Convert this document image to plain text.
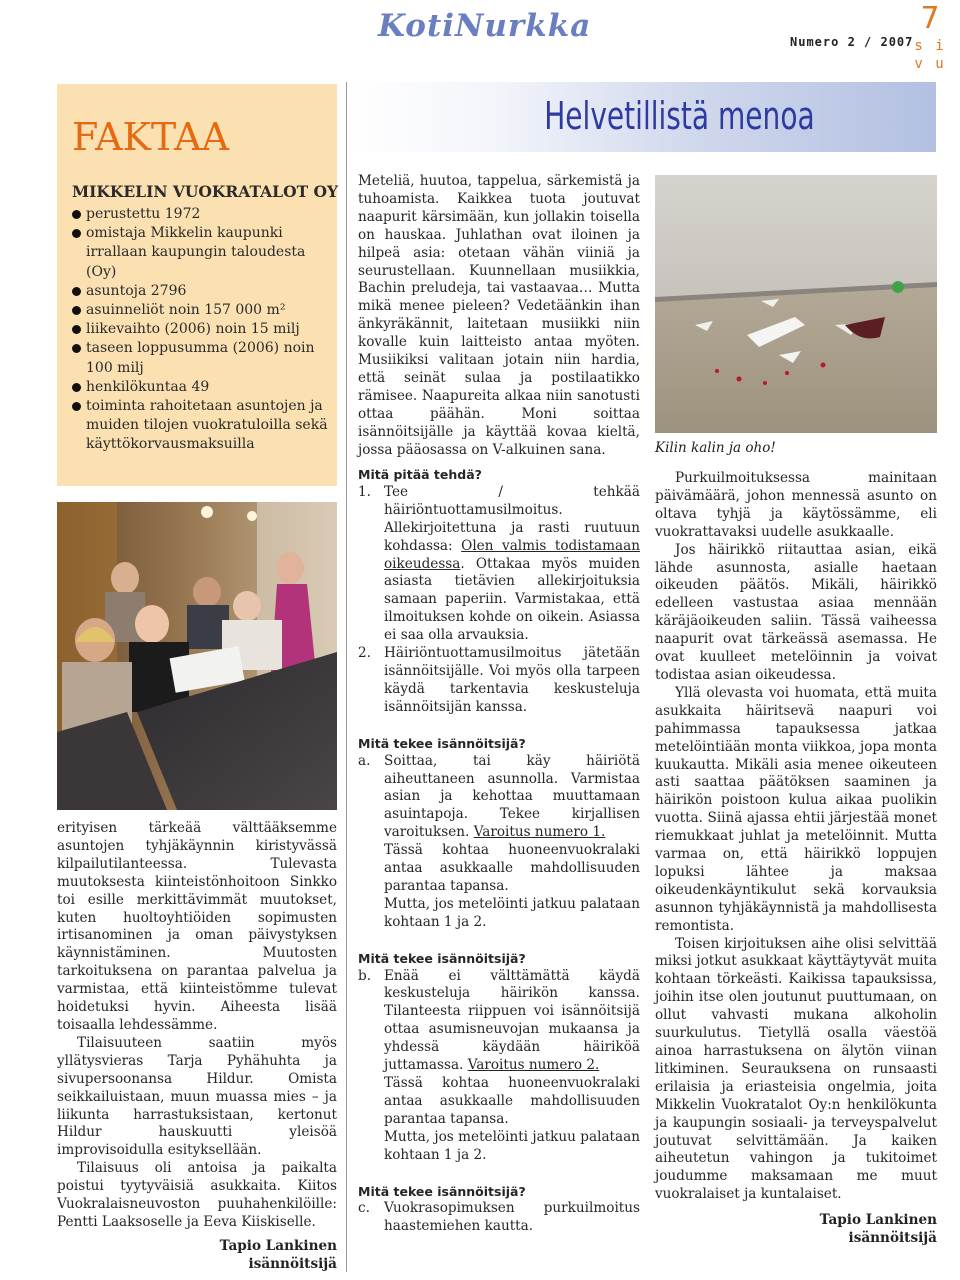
KotiNurkka	Numero 2 / 2007
7
s i v u
Helvetillistä menoa
FAKTAA
MIKKELIN VUOKRATALOT OY
perustettu 1972
omistaja Mikkelin kaupunki irrallaan kaupungin taloudesta (Oy)
asuntoja 2796
asuinneliöt noin 157 000 m²
liikevaihto (2006) noin 15 milj
taseen loppusumma (2006) noin 100 milj
henkilökuntaa 49
toiminta rahoitetaan asuntojen ja muiden tilojen vuokratuloilla sekä käyttökorvausmaksuilla

erityisen tärkeää välttääksemme asuntojen tyhjäkäynnin kiristyvässä kilpailutilanteessa. Tulevasta muutoksesta kiinteistönhoitoon Sinkko toi esille merkittävimmät muutokset, kuten huoltoyhtiöiden sopimusten irtisanominen ja oman päivystyksen käynnistäminen. Muutosten tarkoituksena on parantaa palvelua ja varmistaa, että kiinteistömme tulevat hoidetuksi hyvin. Aiheesta lisää toisaalla lehdessämme.

Tilaisuuteen saatiin myös yllätysvieras Tarja Pyhähuhta ja sivupersoonansa Hildur. Omista seikkailuistaan, muun muassa mies – ja liikunta harrastuksistaan, kertonut Hildur hauskuutti yleisöä improvisoidulla esityksellään.

Tilaisuus oli antoisa ja paikalta poistui tyytyväisiä asukkaita. Kiitos Vuokralaisneuvoston puuhahenkilöille: Pentti Laaksoselle ja Eeva Kiiskiselle.

Tapio Lankinen
isännöitsijä

Meteliä, huutoa, tappelua, särkemistä ja tuhoamista. Kaikkea tuota joutuvat naapurit kärsimään, kun jollakin toisella on hauskaa. Juhlathan ovat iloinen ja hilpeä asia: otetaan vähän viiniä ja seurustellaan. Kuunnellaan musiikkia, Bachin preludeja, tai vastaavaa… Mutta mikä menee pieleen? Vedetäänkin ihan änkyräkännit, laitetaan musiikki niin kovalle kuin laitteisto antaa myöten. Musiikiksi valitaan jotain niin hardia, että seinät sulaa ja postilaatikko rämisee. Naapureita alkaa niin sanotusti ottaa päähän. Moni soittaa isännöitsijälle ja käyttää kovaa kieltä, jossa pääosassa on V-alkuinen sana.	Kilin kalin ja oho!
Mitä pitää tehdä?
1. Tee / tehkää häiriöntuottamusilmoitus. Allekirjoitettuna ja rasti ruutuun kohdassa: Olen valmis todistamaan oikeudessa. Ottakaa myös muiden asiasta tietävien allekirjoituksia samaan paperiin. Varmistakaa, että ilmoituksen kohde on oikein. Asiassa ei saa olla arvauksia.
2. Häiriöntuottamusilmoitus jätetään isännöitsijälle. Voi myös olla tarpeen käydä tarkentavia keskusteluja isännöitsijän kanssa.
Mitä tekee isännöitsijä?
a. Soittaa, tai käy häiriötä aiheuttaneen asunnolla. Varmistaa asian ja kehottaa muuttamaan asuintapoja. Tekee kirjallisen varoituksen. Varoitus numero 1.
Tässä kohtaa huoneenvuokralaki antaa asukkaalle mahdollisuuden parantaa tapansa.
Mutta, jos metelöinti jatkuu palataan kohtaan 1 ja 2.
Mitä tekee isännöitsijä?
b. Enää ei välttämättä käydä keskusteluja häirikön kanssa. Tilanteesta riippuen voi isännöitsijä ottaa asumisneuvojan mukaansa ja yhdessä käydään häiriköä juttamassa. Varoitus numero 2.
Tässä kohtaa huoneenvuokralaki antaa asukkaalle mahdollisuuden parantaa tapansa.
Mutta, jos metelöinti jatkuu palataan kohtaan 1 ja 2.
Mitä tekee isännöitsijä?
c. Vuokrasopimuksen purkuilmoitus haastemiehen kautta.

Purkuilmoituksessa mainitaan päivämäärä, johon mennessä asunto on oltava tyhjä ja käytössämme, eli vuokrattavaksi uudelle asukkaalle.

Jos häirikkö riitauttaa asian, eikä lähde asunnosta, asialle haetaan oikeuden päätös. Mikäli, häirikkö edelleen vastustaa asiaa mennään käräjäoikeuden saliin. Tässä vaiheessa naapurit ovat tärkeässä asemassa. He ovat kuulleet metelöinnin ja voivat todistaa asian oikeudessa.

Yllä olevasta voi huomata, että muita asukkaita häiritsevä naapuri voi pahimmassa tapauksessa jatkaa metelöintiään monta viikkoa, jopa monta kuukautta. Mikäli asia menee oikeuteen asti saattaa päätöksen saaminen ja häirikön poistoon kulua aikaa puolikin vuotta. Siinä ajassa ehtii järjestää monet riemukkaat juhlat ja metelöinnit. Mutta varmaa on, että häirikkö loppujen lopuksi lähtee ja maksaa oikeudenkäyntikulut sekä korvauksia asunnon tyhjäkäynnistä ja mahdollisesta remontista.

Toisen kirjoituksen aihe olisi selvittää miksi jotkut asukkaat käyttäytyvät muita kohtaan törkeästi. Kaikissa tapauksissa, joihin itse olen joutunut puuttumaan, on ollut vahvasti mukana alkoholin suurkulutus. Tietyllä osalla väestöä ainoa harrastuksena on älytön viinan litkiminen. Seurauksena on runsaasti erilaisia ja eriasteisia ongelmia, joita Mikkelin Vuokratalot Oy:n henkilökunta ja kaupungin sosiaali- ja terveyspalvelut joutuvat selvittämään. Ja kaiken aiheutetun vahingon ja tukitoimet joudumme maksamaan me muut vuokralaiset ja kuntalaiset.

Tapio Lankinen
isännöitsijä
